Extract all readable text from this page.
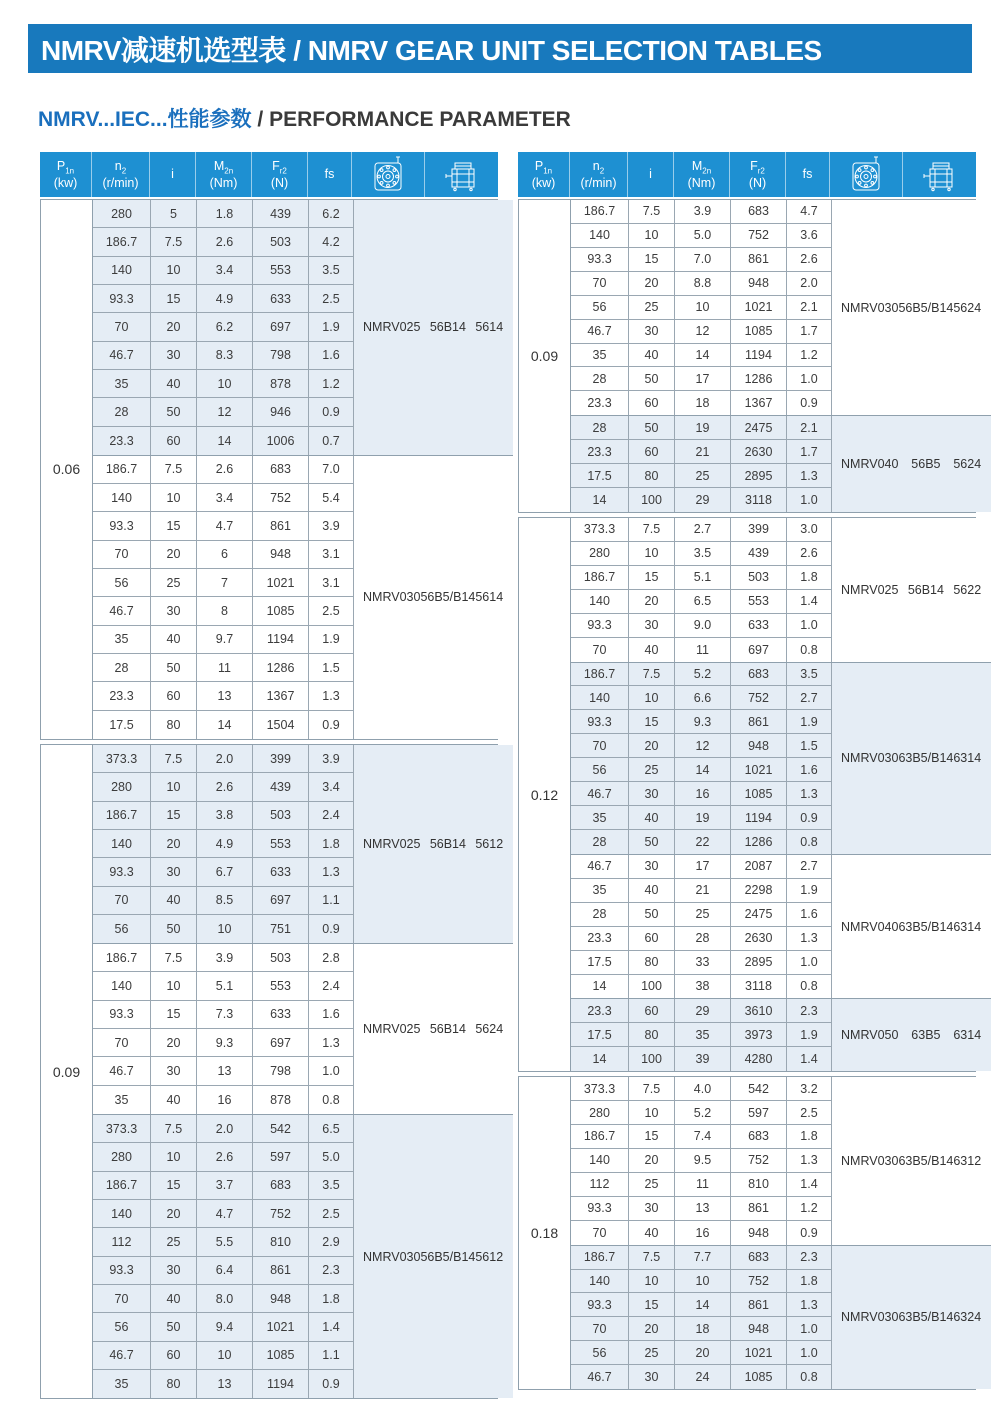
NMRV减速机选型表 / NMRV GEAR UNIT SELECTION TABLES
NMRV...IEC...性能参数 / PERFORMANCE PARAMETER
$P_{1n}$
(kw)
$n_2$
(r/min)
i
$M_{2n}$
(Nm)
$F_{r2}$
(N)
fs
0.06
280	5	1.8	439	6.2
186.7	7.5	2.6	503	4.2
140	10	3.4	553	3.5
93.3	15	4.9	633	2.5
70	20	6.2	697	1.9
46.7	30	8.3	798	1.6
35	40	10	878	1.2
28	50	12	946	0.9
23.3	60	14	1006	0.7
NMRV025 56B14 5614
186.7	7.5	2.6	683	7.0
140	10	3.4	752	5.4
93.3	15	4.7	861	3.9
70	20	6	948	3.1
56	25	7	1021	3.1
46.7	30	8	1085	2.5
35	40	9.7	1194	1.9
28	50	11	1286	1.5
23.3	60	13	1367	1.3
17.5	80	14	1504	0.9
NMRV030 56B5/B14 5614
0.09
373.3	7.5	2.0	399	3.9
280	10	2.6	439	3.4
186.7	15	3.8	503	2.4
140	20	4.9	553	1.8
93.3	30	6.7	633	1.3
70	40	8.5	697	1.1
56	50	10	751	0.9
NMRV025 56B14 5612
186.7	7.5	3.9	503	2.8
140	10	5.1	553	2.4
93.3	15	7.3	633	1.6
70	20	9.3	697	1.3
46.7	30	13	798	1.0
35	40	16	878	0.8
NMRV025 56B14 5624
373.3	7.5	2.0	542	6.5
280	10	2.6	597	5.0
186.7	15	3.7	683	3.5
140	20	4.7	752	2.5
112	25	5.5	810	2.9
93.3	30	6.4	861	2.3
70	40	8.0	948	1.8
56	50	9.4	1021	1.4
46.7	60	10	1085	1.1
35	80	13	1194	0.9
NMRV030 56B5/B14 5612
$P_{1n}$
(kw)
$n_2$
(r/min)
i
$M_{2n}$
(Nm)
$F_{r2}$
(N)
fs
0.09
186.7	7.5	3.9	683	4.7
140	10	5.0	752	3.6
93.3	15	7.0	861	2.6
70	20	8.8	948	2.0
56	25	10	1021	2.1
46.7	30	12	1085	1.7
35	40	14	1194	1.2
28	50	17	1286	1.0
23.3	60	18	1367	0.9
NMRV030 56B5/B14 5624
28	50	19	2475	2.1
23.3	60	21	2630	1.7
17.5	80	25	2895	1.3
14	100	29	3118	1.0
NMRV040 56B5 5624
0.12
373.3	7.5	2.7	399	3.0
280	10	3.5	439	2.6
186.7	15	5.1	503	1.8
140	20	6.5	553	1.4
93.3	30	9.0	633	1.0
70	40	11	697	0.8
NMRV025 56B14 5622
186.7	7.5	5.2	683	3.5
140	10	6.6	752	2.7
93.3	15	9.3	861	1.9
70	20	12	948	1.5
56	25	14	1021	1.6
46.7	30	16	1085	1.3
35	40	19	1194	0.9
28	50	22	1286	0.8
NMRV030 63B5/B14 6314
46.7	30	17	2087	2.7
35	40	21	2298	1.9
28	50	25	2475	1.6
23.3	60	28	2630	1.3
17.5	80	33	2895	1.0
14	100	38	3118	0.8
NMRV040 63B5/B14 6314
23.3	60	29	3610	2.3
17.5	80	35	3973	1.9
14	100	39	4280	1.4
NMRV050 63B5 6314
0.18
373.3	7.5	4.0	542	3.2
280	10	5.2	597	2.5
186.7	15	7.4	683	1.8
140	20	9.5	752	1.3
112	25	11	810	1.4
93.3	30	13	861	1.2
70	40	16	948	0.9
NMRV030 63B5/B14 6312
186.7	7.5	7.7	683	2.3
140	10	10	752	1.8
93.3	15	14	861	1.3
70	20	18	948	1.0
56	25	20	1021	1.0
46.7	30	24	1085	0.8
NMRV030 63B5/B14 6324
